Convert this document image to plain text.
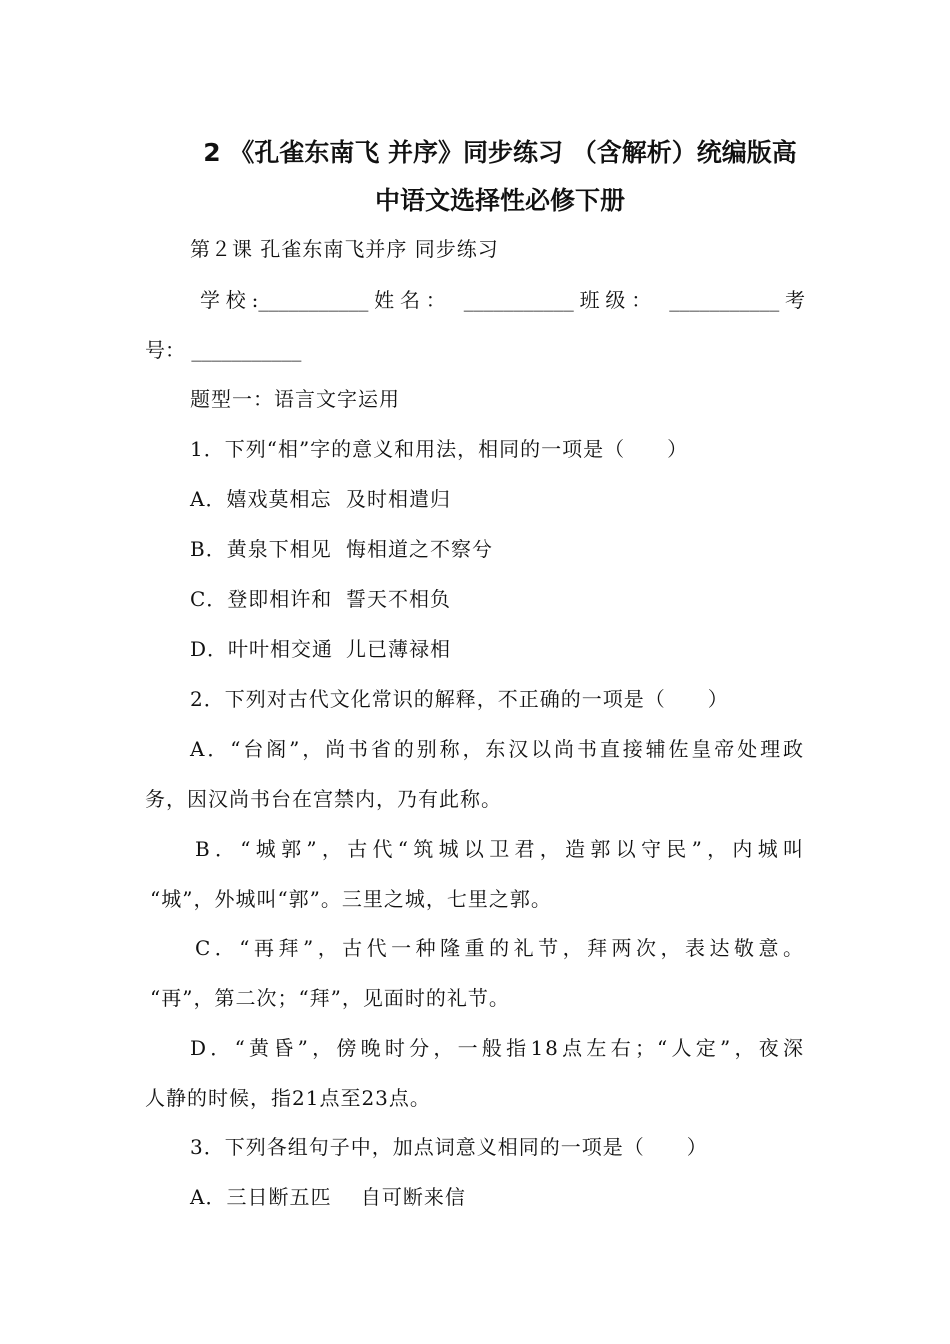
2 《孔雀东南飞 并序》同步练习 （含解析）统编版高
中语文选择性必修下册
第２课 孔雀东南飞并序 同步练习
学校:___________姓名： ___________班级： ___________考
号： ___________
题型一：语言文字运用
1．下列“相”字的意义和用法，相同的一项是（　　）
A．嬉戏莫相忘 及时相遣归
B．黄泉下相见 悔相道之不察兮
C．登即相许和 誓天不相负
D．叶叶相交通 儿已薄禄相
2．下列对古代文化常识的解释，不正确的一项是（　　）
A．“台阁”，尚书省的别称，东汉以尚书直接辅佐皇帝处理政
务，因汉尚书台在宫禁内，乃有此称。
B．“城郭”，古代“筑城以卫君，造郭以守民”，内城叫
“城”，外城叫“郭”。三里之城，七里之郭。
C．“再拜”，古代一种隆重的礼节，拜两次，表达敬意。
“再”，第二次；“拜”，见面时的礼节。
D．“黄昏”，傍晚时分，一般指18点左右；“人定”，夜深
人静的时候，指21点至23点。
3．下列各组句子中，加点词意义相同的一项是（　　）
A．三日断五匹    自可断来信
